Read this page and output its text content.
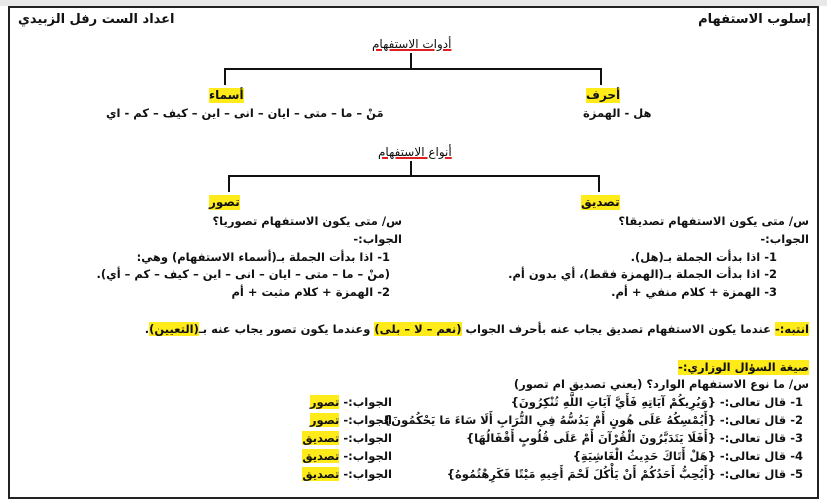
إسلوب الاستفهام
اعداد الست رفل الزبيدي
أدوات الاستفهام
أحرف
أسماء
هل - الهمزة
مَنْ – ما – متى – ايان – انى – اين – كيف – كم - اي
أنواع الاستفهام
تصديق
تصور
س/ متى يكون الاستفهام تصديقا؟
الجواب:-
1- اذا بدأت الجملة بـ(هل).
2- اذا بدأت الجملة بـ(الهمزة فقط)، أي بدون أم.
3- الهمزة + كلام منفي + أم.
س/ متى يكون الاستفهام تصوريا؟
الجواب:-
1- اذا بدأت الجملة بـ(أسماء الاستفهام) وهي:
(منْ – ما – متى – ايان – انى – اين – كيف – كم – أي).
2- الهمزة + كلام مثبت + أم
انتبه:- عندما يكون الاستفهام تصديق يجاب عنه بأحرف الجواب (نعم – لا – بلى) وعندما يكون تصور يجاب عنه بـ(التعيين).
صيغة السؤال الوزاري:-
س/ ما نوع الاستفهام الوارد؟ (يعني تصديق ام تصور)
1- قال تعالى:- {وَيُرِيكُمْ آيَاتِهِ فَأَيَّ آيَاتِ اللَّهِ تُنْكِرُونَ}
2- قال تعالى:- {أَيُمْسِكُهُ عَلَى هُونٍ أَمْ يَدُسُّهُ فِي التُّرَابِ أَلَا سَاءَ مَا يَحْكُمُونَ}
3- قال تعالى:- {أَفَلَا يَتَدَبَّرُونَ الْقُرْآنَ أَمْ عَلَى قُلُوبٍ أَقْفَالُهَا}
4- قال تعالى:- {هَلْ أَتَاكَ حَدِيثُ الْغَاشِيَةِ}
5- قال تعالى:- {أَيُحِبُّ أَحَدُكُمْ أَنْ يَأْكُلَ لَحْمَ أَخِيهِ مَيْتًا فَكَرِهْتُمُوهُ}
الجواب:- تصور
الجواب:- تصور
الجواب:- تصديق
الجواب:- تصديق
الجواب:- تصديق
